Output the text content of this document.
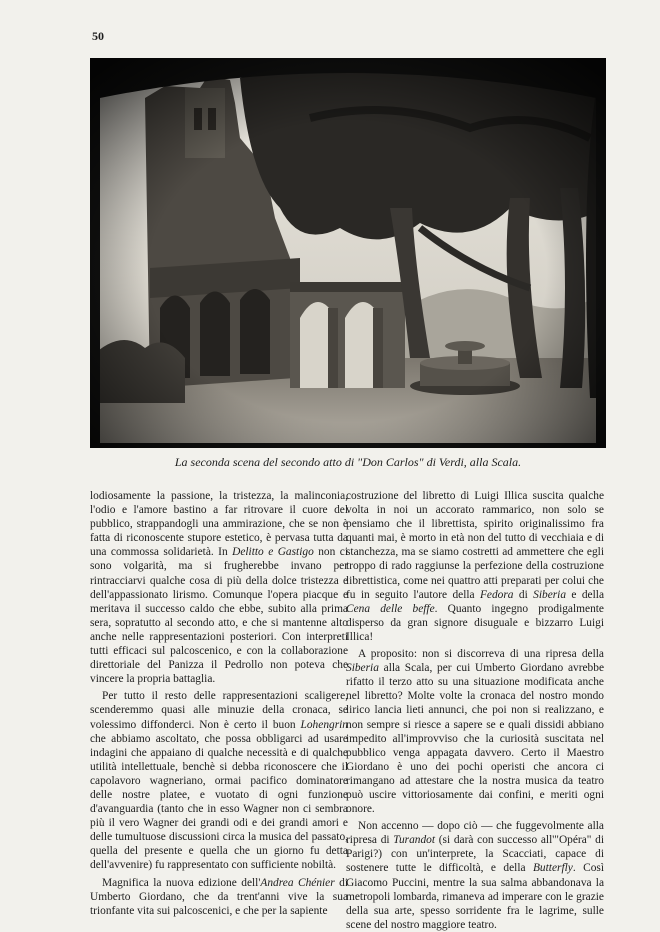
50
La seconda scena del secondo atto di "Don Carlos" di Verdi, alla Scala.

lodiosamente la passione, la tristezza, la malinconia, l'odio e l'amore bastino a far ritrovare il cuore del pubblico, strappandogli una ammirazione, che se non è fatta di riconoscente stupore estetico, è pervasa tutta da una commossa solidarietà. In Delitto e Gastigo non ci sono volgarità, ma si frugherebbe invano per rintracciarvi qualche cosa di più della dolce tristezza e dell'appassionato lirismo. Comunque l'opera piacque e meritava il successo caldo che ebbe, subito alla prima sera, sopratutto al secondo atto, e che si mantenne alto anche nelle rappresentazioni posteriori. Con interpreti tutti efficaci sul palcoscenico, e con la collaborazione direttoriale del Panizza il Pedrollo non poteva che vincere la propria battaglia.

Per tutto il resto delle rappresentazioni scaligere, scenderemmo quasi alle minuzie della cronaca, se volessimo diffonderci. Non è certo il buon Lohengrin che abbiamo ascoltato, che possa obbligarci ad usare indagini che appaiano di qualche necessità e di qualche utilità intellettuale, benchè si debba riconoscere che il capolavoro wagneriano, ormai pacifico dominatore delle nostre platee, e vuotato di ogni funzione d'avanguardia (tanto che in esso Wagner non ci sembra più il vero Wagner dei grandi odi e dei grandi amori e delle tumultuose discussioni circa la musica del passato, quella del presente e quella che un giorno fu detta dell'avvenire) fu rappresentato con sufficiente nobiltà.

Magnifica la nuova edizione dell'Andrea Chénier di Umberto Giordano, che da trent'anni vive la sua trionfante vita sui palcoscenici, e che per la sapiente

costruzione del libretto di Luigi Illica suscita qualche volta in noi un accorato rammarico, non solo se pensiamo che il librettista, spirito originalissimo fra quanti mai, è morto in età non del tutto di vecchiaia e di stanchezza, ma se siamo costretti ad ammettere che egli troppo di rado raggiunse la perfezione della costruzione librettistica, come nei quattro atti preparati per colui che fu in seguito l'autore della Fedora di Siberia e della Cena delle beffe. Quanto ingegno prodigalmente disperso da gran signore disuguale e bizzarro Luigi Illica!

A proposito: non si discorreva di una ripresa della Siberia alla Scala, per cui Umberto Giordano avrebbe rifatto il terzo atto su una situazione modificata anche nel libretto? Molte volte la cronaca del nostro mondo lirico lancia lieti annunci, che poi non si realizzano, e non sempre si riesce a sapere se e quali dissidi abbiano impedito all'improvviso che la curiosità suscitata nel pubblico venga appagata davvero. Certo il Maestro Giordano è uno dei pochi operisti che ancora ci rimangano ad attestare che la nostra musica da teatro può uscire vittoriosamente dai confini, e meriti ogni onore.

Non accenno — dopo ciò — che fuggevolmente alla ripresa di Turandot (si darà con successo all'"Opéra" di Parigi?) con un'interprete, la Scacciati, capace di sostenere tutte le difficoltà, e della Butterfly. Così Giacomo Puccini, mentre la sua salma abbandonava la metropoli lombarda, rimaneva ad imperare con le grazie della sua arte, spesso sorridente fra le lagrime, sulle scene del nostro maggiore teatro.
